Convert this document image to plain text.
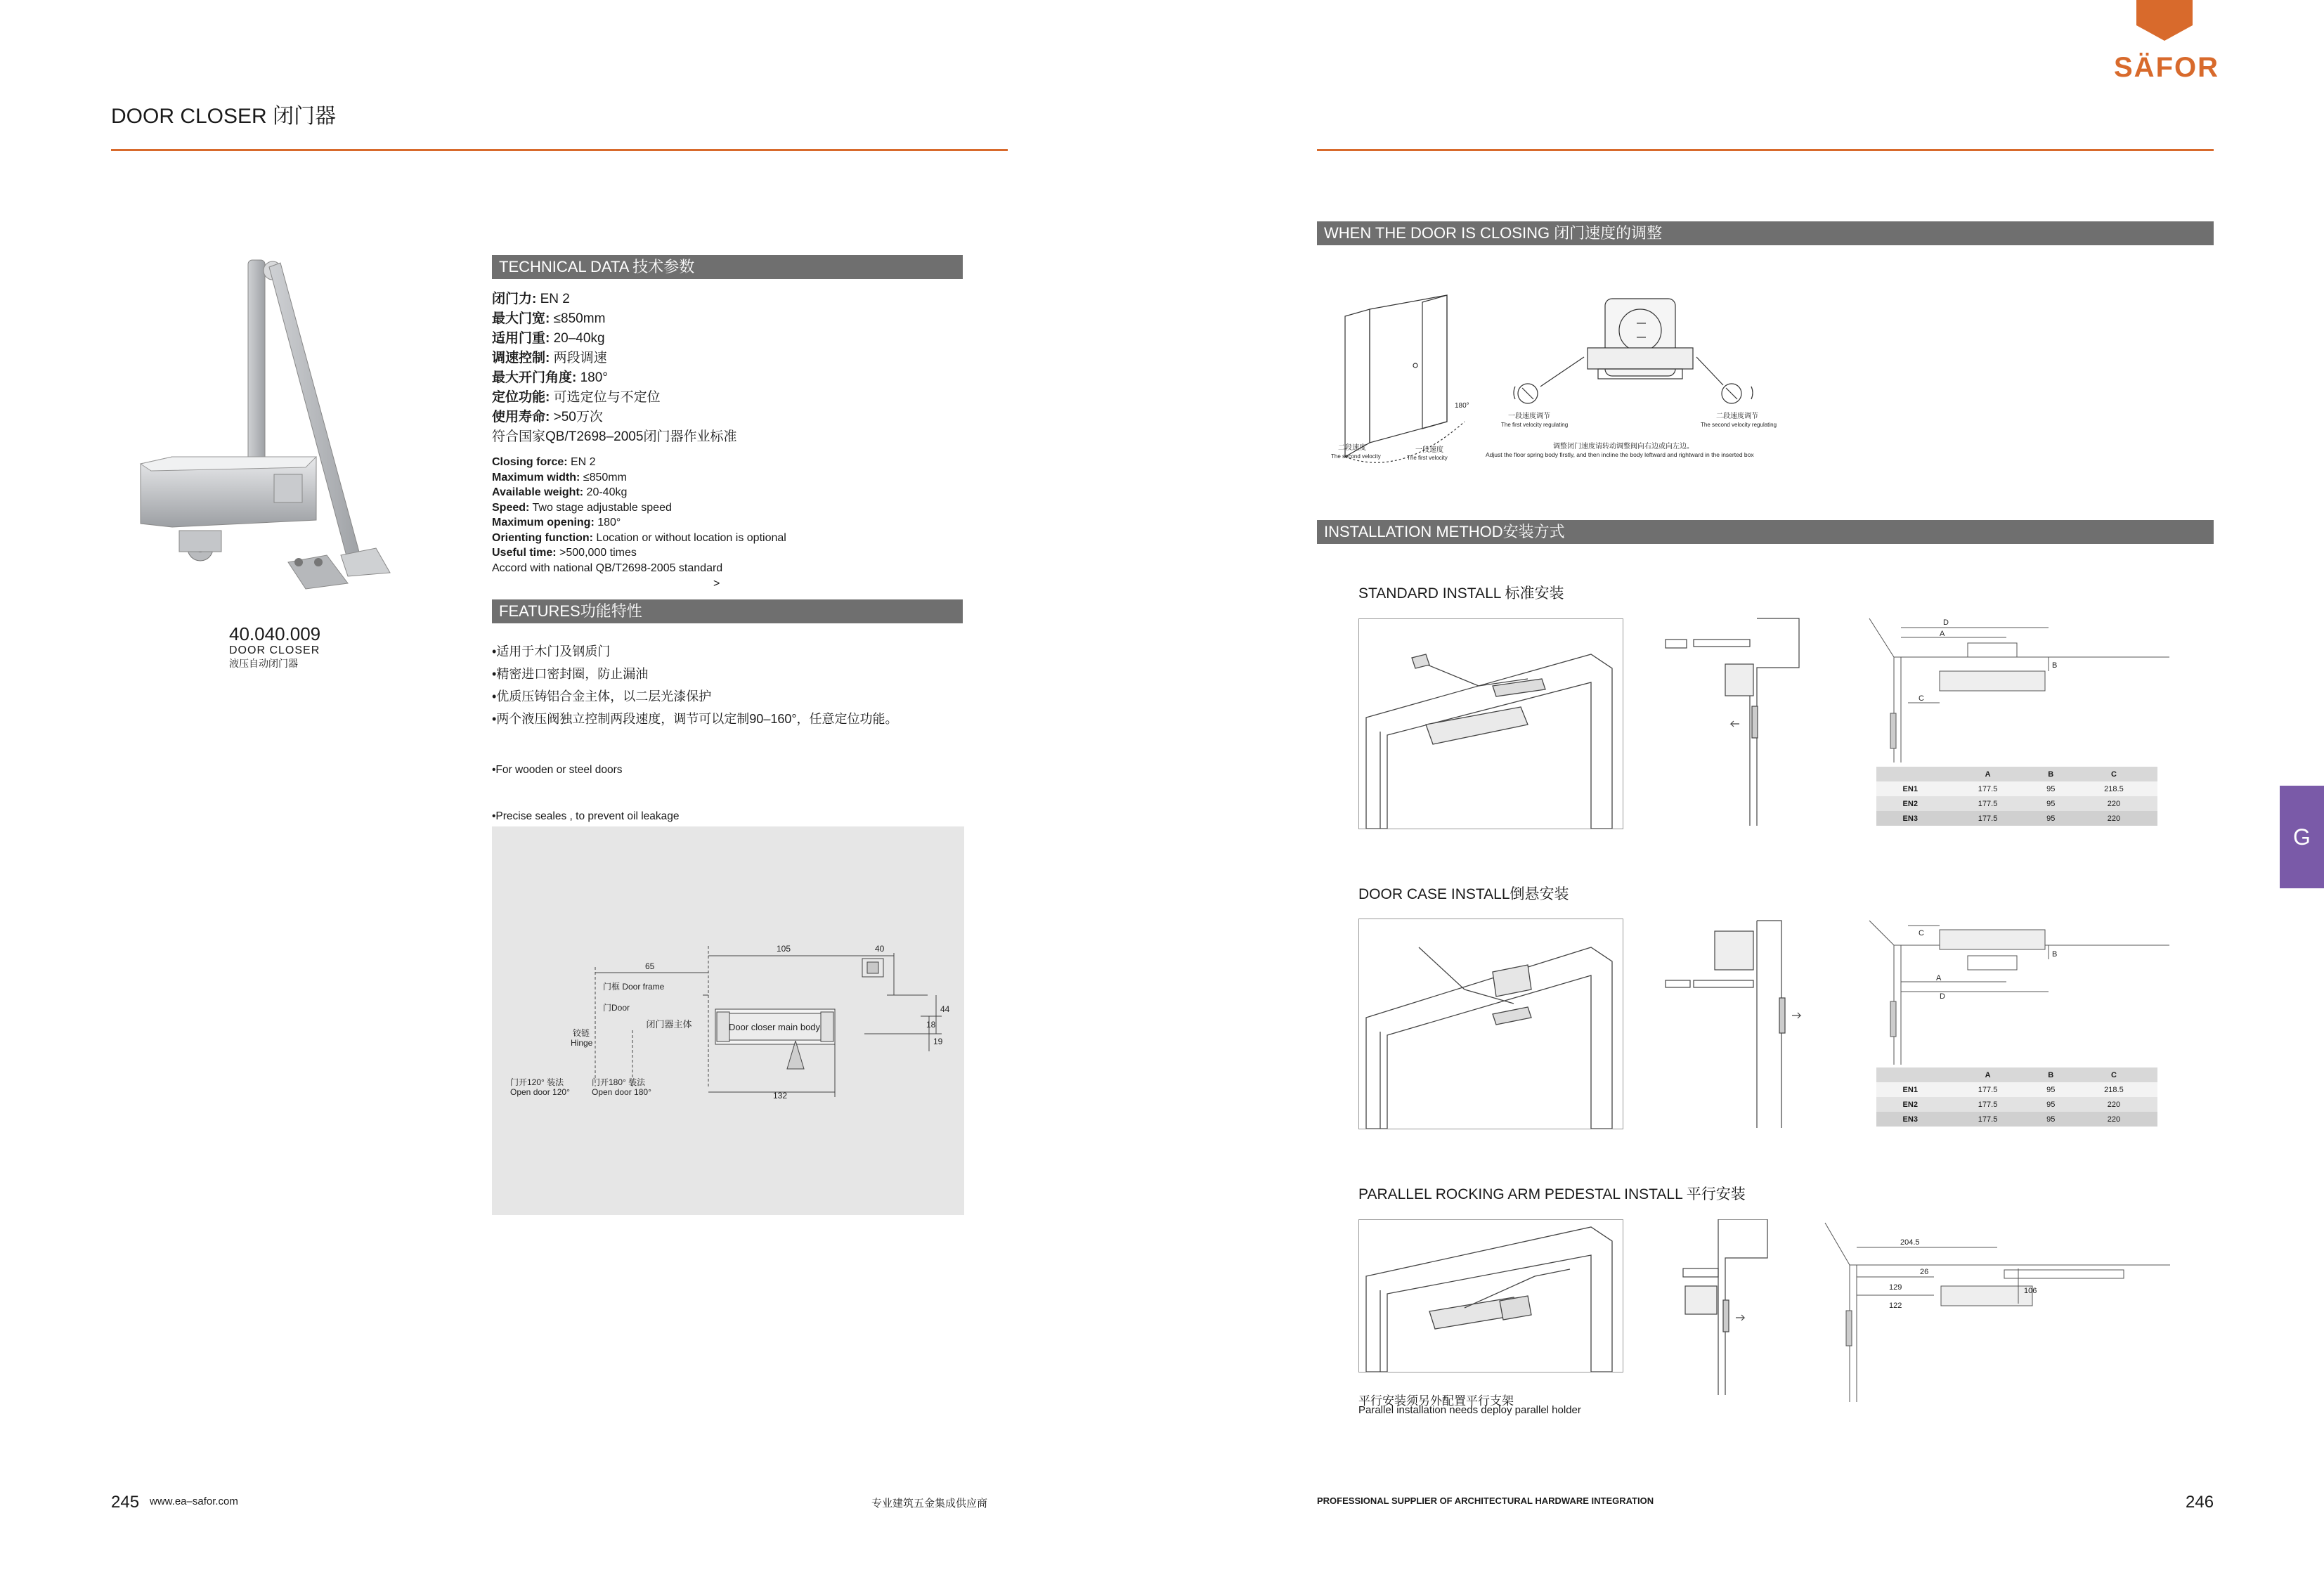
SÄFOR
DOOR CLOSER 闭门器
40.040.009
DOOR CLOSER
液压自动闭门器
TECHNICAL DATA 技术参数
闭门力: EN 2
最大门宽: ≤850mm
适用门重: 20–40kg
调速控制: 两段调速
最大开门角度: 180°
定位功能: 可选定位与不定位
使用寿命: >50万次
符合国家QB/T2698–2005闭门器作业标准
Closing force: EN 2
Maximum width: ≤850mm
Available weight: 20-40kg
Speed: Two stage adjustable speed
Maximum opening: 180°
Orienting function: Location or without location is optional
Useful time: >500,000 times
Accord with national QB/T2698-2005 standard
>
FEATURES功能特性
•适用于木门及钢质门
•精密进口密封圈，防止漏油
•优质压铸铝合金主体，以二层光漆保护
•两个液压阀独立控制两段速度，调节可以定制90–160°，任意定位功能。

•For wooden or steel doors

•Precise seales , to prevent oil leakage

105	40
65
132
44
18
19
门框 Door frame
门Door
铰链
Hinge
闭门器主体	Door closer main body
门开120° 装法
Open door 120°
门开180° 装法
Open door 180°
245 www.ea–safor.com	专业建筑五金集成供应商
WHEN THE DOOR IS CLOSING 闭门速度的调整
180°
二段速度
The second velocity
一段速度
The first velocity
一段速度调节
The first velocity regulating
二段速度调节
The second velocity regulating
调整闭门速度请转动调整阀向右边或向左边。
Adjust the floor spring body firstly, and then incline the body leftward and rightward in the inserted box
INSTALLATION METHOD安装方式
STANDARD INSTALL 标准安装
D
A
B
C
	A	B	C
EN1	177.5	95	218.5
EN2	177.5	95	220
EN3	177.5	95	220
DOOR CASE INSTALL倒悬安装
C
B
A
D
	A	B	C
EN1	177.5	95	218.5
EN2	177.5	95	220
EN3	177.5	95	220
PARALLEL ROCKING ARM PEDESTAL INSTALL 平行安装
204.5
26
129	106
122
平行安装须另外配置平行支架
Parallel installation needs deploy parallel holder
G
PROFESSIONAL SUPPLIER OF ARCHITECTURAL HARDWARE INTEGRATION	246
